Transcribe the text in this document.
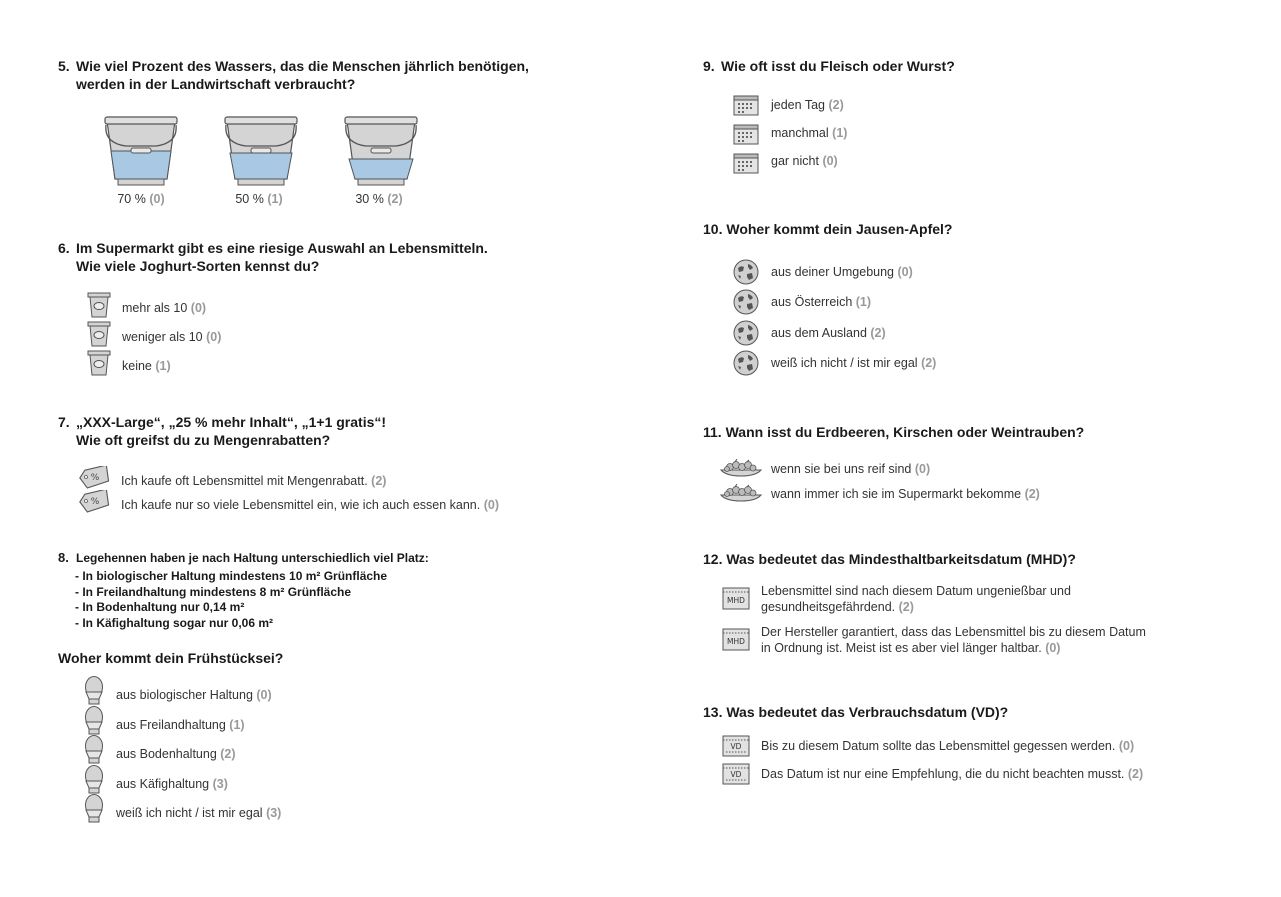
5. Wie viel Prozent des Wassers, das die Menschen jährlich benötigen,
werden in der Landwirtschaft verbraucht?
70 % (0)	50 % (1)	30 % (2)
6. Im Supermarkt gibt es eine riesige Auswahl an Lebensmitteln.
Wie viele Joghurt-Sorten kennst du?
mehr als 10 (0)
weniger als 10 (0)
keine (1)
7. „XXX-Large“, „25 % mehr Inhalt“, „1+1 gratis“!
Wie oft greifst du zu Mengenrabatten?
% Ich kaufe oft Lebensmittel mit Mengenrabatt. (2)
% Ich kaufe nur so viele Lebensmittel ein, wie ich auch essen kann. (0)
8. Legehennen haben je nach Haltung unterschiedlich viel Platz:
- In biologischer Haltung mindestens 10 m² Grünfläche
- In Freilandhaltung mindestens 8 m² Grünfläche
- In Bodenhaltung nur 0,14 m²
- In Käfighaltung sogar nur 0,06 m²
Woher kommt dein Frühstücksei?
aus biologischer Haltung (0)
aus Freilandhaltung (1)
aus Bodenhaltung (2)
aus Käfighaltung (3)
weiß ich nicht / ist mir egal (3)
9. Wie oft isst du Fleisch oder Wurst?
jeden Tag (2)
manchmal (1)
gar nicht (0)
10. Woher kommt dein Jausen-Apfel?
aus deiner Umgebung (0)
aus Österreich (1)
aus dem Ausland (2)
weiß ich nicht / ist mir egal (2)
11. Wann isst du Erdbeeren, Kirschen oder Weintrauben?
wenn sie bei uns reif sind (0)
wann immer ich sie im Supermarkt bekomme (2)
12. Was bedeutet das Mindesthaltbarkeitsdatum (MHD)?
MHD
Lebensmittel sind nach diesem Datum ungenießbar und
gesundheitsgefährdend. (2)
MHD
Der Hersteller garantiert, dass das Lebensmittel bis zu diesem Datum
in Ordnung ist. Meist ist es aber viel länger haltbar. (0)
13. Was bedeutet das Verbrauchsdatum (VD)?
VD Bis zu diesem Datum sollte das Lebensmittel gegessen werden. (0)
VD Das Datum ist nur eine Empfehlung, die du nicht beachten musst. (2)
